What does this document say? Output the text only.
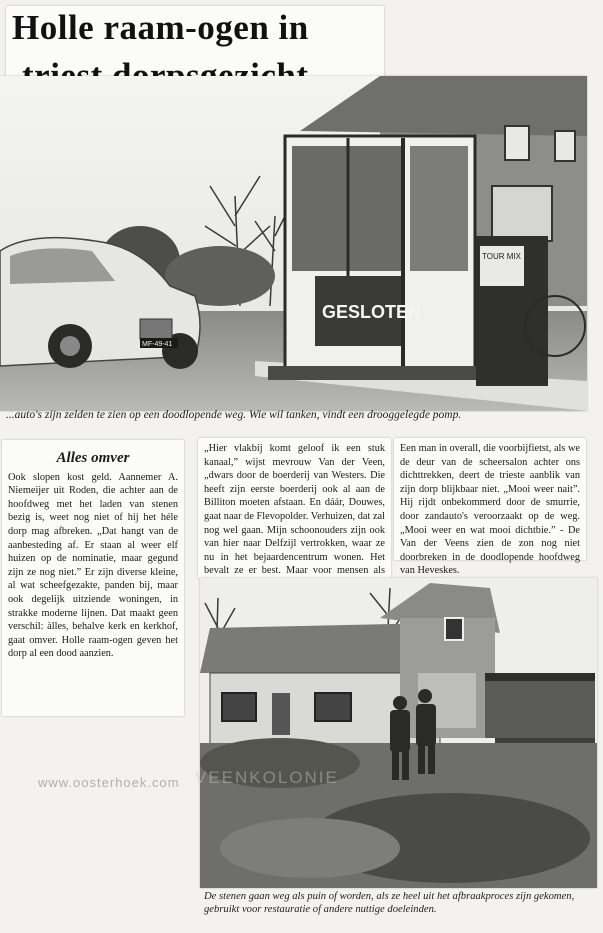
Holle raam-ogen in
GESLOTEN
TOUR MIX
MF-49-41
...auto's zijn zelden te zien op een doodlopende weg. Wie wil tanken, vindt een drooggelegde pomp.
Alles omver

Ook slopen kost geld. Aannemer A. Niemeijer uit Roden, die achter aan de hoofdweg met het laden van stenen bezig is, weet nog niet of hij het héle dorp mag afbreken. „Dat hangt van de aanbesteding af. Er staan al weer elf huizen op de nominatie, maar gegund zijn ze nog niet.” Er zijn diverse kleine, al wat scheefgezakte, panden bij, maar ook degelijk uitziende woningen, in strakke moderne lijnen. Dat maakt geen verschil: àlles, behalve kerk en kerkhof, gaat omver. Holle raam-ogen geven het dorp al een dood aanzien.

„Hier vlakbij komt geloof ik een stuk kanaal,” wijst mevrouw Van der Veen, „dwars door de boerderij van Westers. Die heeft zijn eerste boerderij ook al aan de Billiton moeten afstaan. En dáár, Douwes, gaat naar de Flevopolder. Verhuizen, dat zal nog wel gaan. Mijn schoonouders zijn ook van hier naar Delfzijl vertrokken, waar ze nu in het bejaardencentrum wonen. Het bevalt ze er best. Maar voor mensen als

Een man in overall, die voorbijfietst, als we de deur van de scheersalon achter ons dichttrekken, deert de trieste aanblik van zijn dorp blijkbaar niet. „Mooi weer nait”. Hij rijdt onbekommerd door de smurrie, door zandauto's veroorzaakt op de weg. „Mooi weer en wat mooi dichtbie.” - De Van der Veens zien de zon nog niet doorbreken in de doodlopende hoofdweg van Heveskes.

De stenen gaan weg als puin of worden, als ze heel uit het afbraakproces zijn gekomen, gebruikt voor restauratie of andere nuttige doeleinden.
www.oosterhoek.com VEENKOLONIE
